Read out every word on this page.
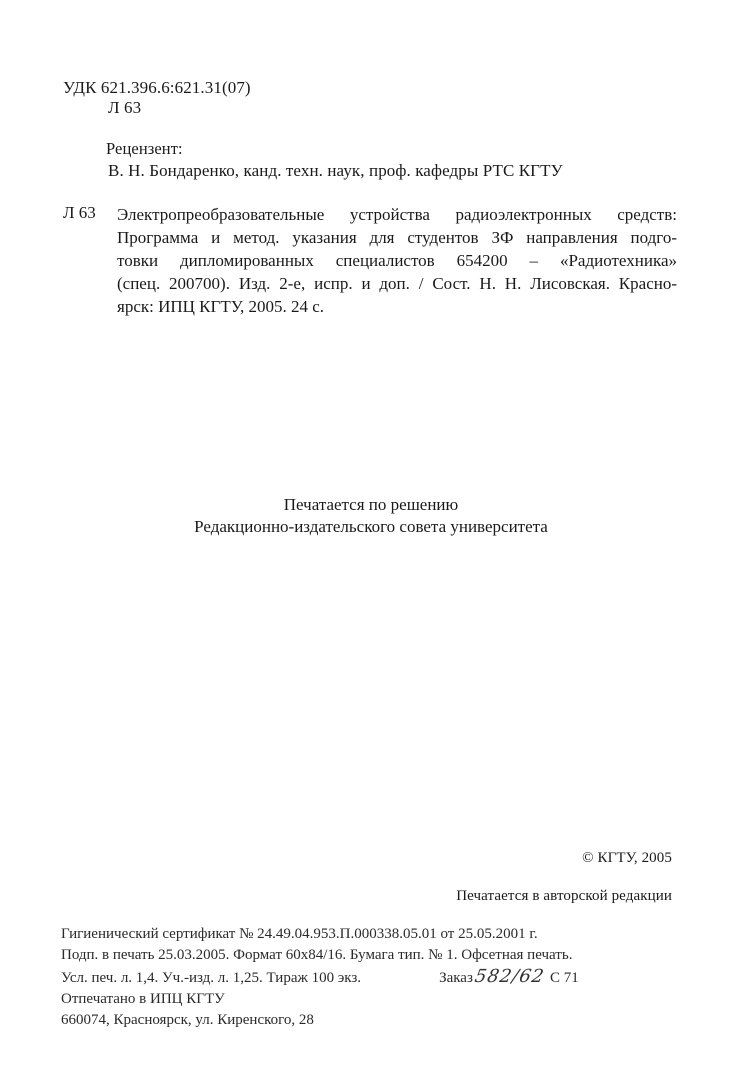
УДК 621.396.6:621.31(07)
Л 63
Рецензент:
В. Н. Бондаренко, канд. техн. наук, проф. кафедры РТС КГТУ
Л 63 Электропреобразовательные устройства радиоэлектронных средств:
Программа и метод. указания для студентов ЗФ направления подго-
товки дипломированных специалистов 654200 – «Радиотехника»
(спец. 200700). Изд. 2-е, испр. и доп. / Сост. Н. Н. Лисовская. Красно-
ярск: ИПЦ КГТУ, 2005. 24 с.
Печатается по решению
Редакционно-издательского совета университета
© КГТУ, 2005
Печатается в авторской редакции
Гигиенический сертификат № 24.49.04.953.П.000338.05.01 от 25.05.2001 г.
Подп. в печать 25.03.2005. Формат 60x84/16. Бумага тип. № 1. Офсетная печать.
Усл. печ. л. 1,4. Уч.-изд. л. 1,25. Тираж 100 экз.	Заказ582/62 С 71
Отпечатано в ИПЦ КГТУ
660074, Красноярск, ул. Киренского, 28
